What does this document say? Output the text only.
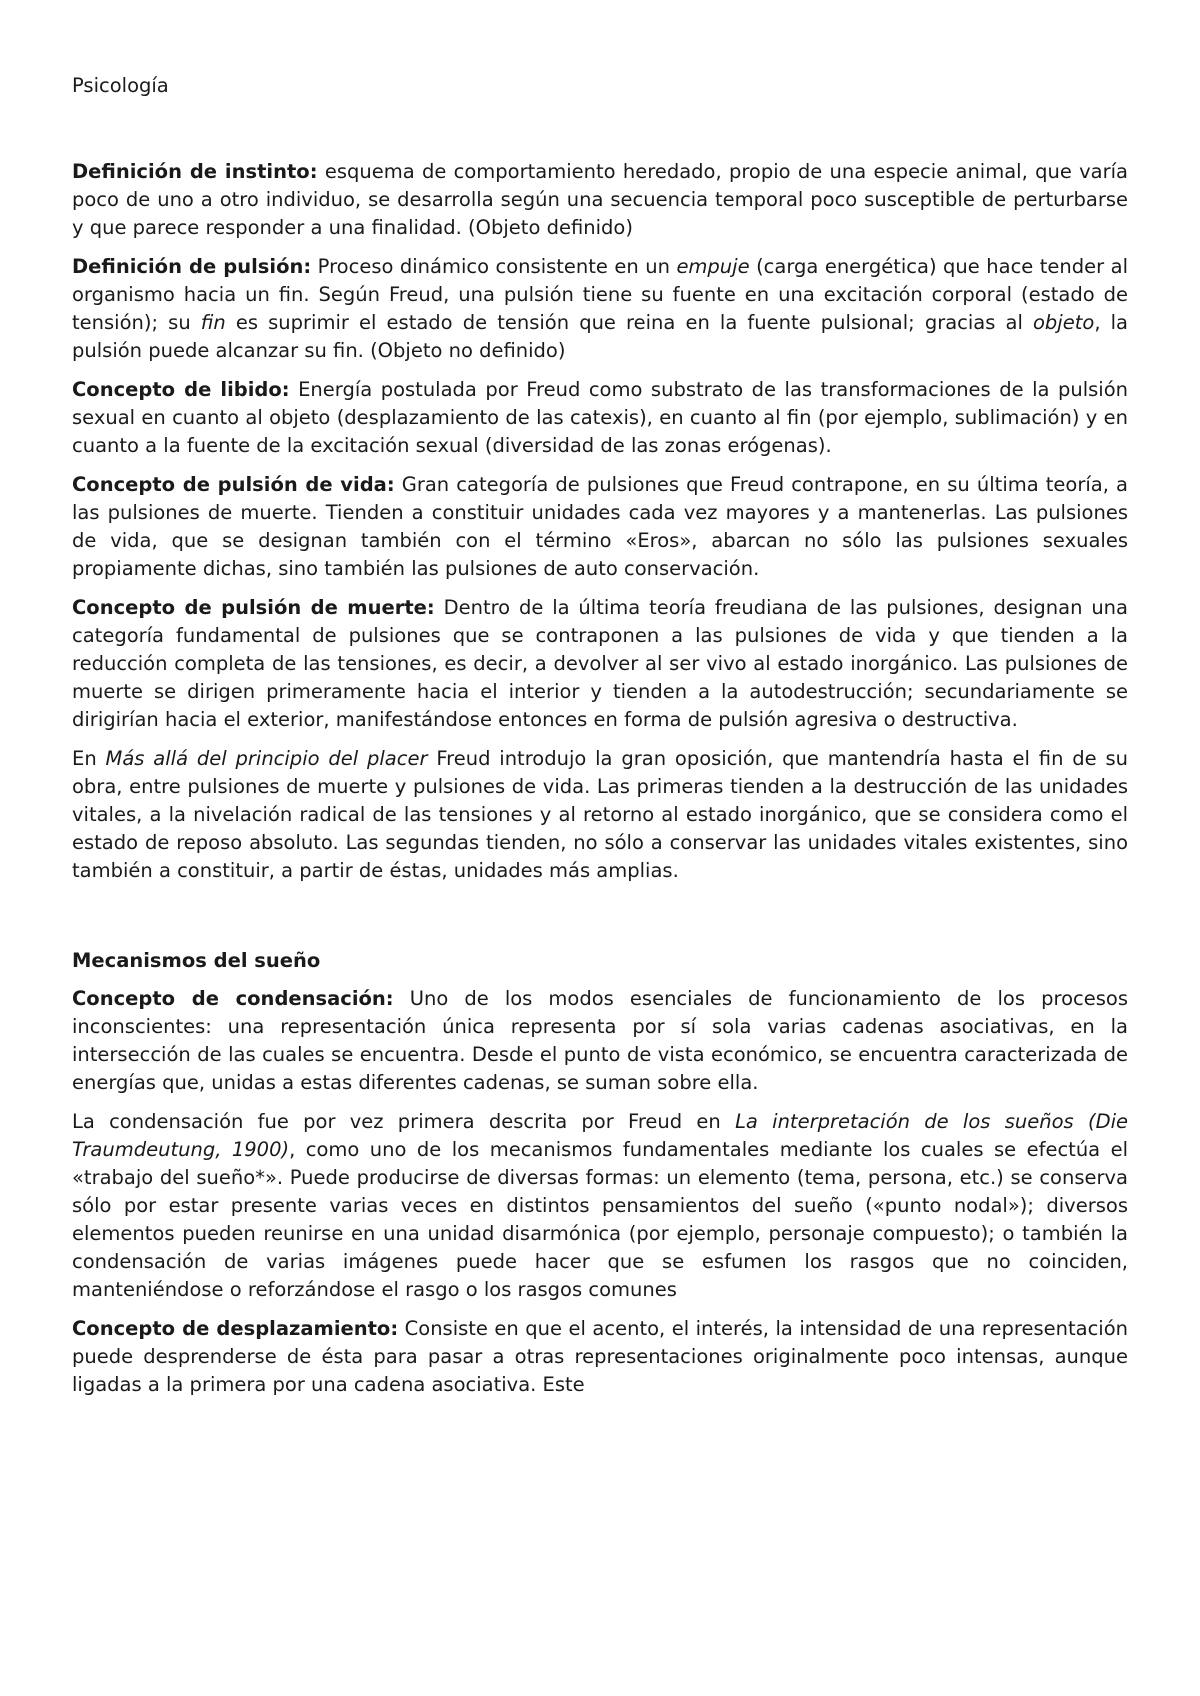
Psicología

Definición de instinto: esquema de comportamiento heredado, propio de una especie animal, que varía poco de uno a otro individuo, se desarrolla según una secuencia temporal poco susceptible de perturbarse y que parece responder a una finalidad. (Objeto definido)

Definición de pulsión: Proceso dinámico consistente en un empuje (carga energética) que hace tender al organismo hacia un fin. Según Freud, una pulsión tiene su fuente en una excitación corporal (estado de tensión); su fin es suprimir el estado de tensión que reina en la fuente pulsional; gracias al objeto, la pulsión puede alcanzar su fin. (Objeto no definido)

Concepto de libido: Energía postulada por Freud como substrato de las transformaciones de la pulsión sexual en cuanto al objeto (desplazamiento de las catexis), en cuanto al fin (por ejemplo, sublimación) y en cuanto a la fuente de la excitación sexual (diversidad de las zonas erógenas).

Concepto de pulsión de vida: Gran categoría de pulsiones que Freud contrapone, en su última teoría, a las pulsiones de muerte. Tienden a constituir unidades cada vez mayores y a mantenerlas. Las pulsiones de vida, que se designan también con el término «Eros», abarcan no sólo las pulsiones sexuales propiamente dichas, sino también las pulsiones de auto conservación.

Concepto de pulsión de muerte: Dentro de la última teoría freudiana de las pulsiones, designan una categoría fundamental de pulsiones que se contraponen a las pulsiones de vida y que tienden a la reducción completa de las tensiones, es decir, a devolver al ser vivo al estado inorgánico. Las pulsiones de muerte se dirigen primeramente hacia el interior y tienden a la autodestrucción; secundariamente se dirigirían hacia el exterior, manifestándose entonces en forma de pulsión agresiva o destructiva.

En Más allá del principio del placer Freud introdujo la gran oposición, que mantendría hasta el fin de su obra, entre pulsiones de muerte y pulsiones de vida. Las primeras tienden a la destrucción de las unidades vitales, a la nivelación radical de las tensiones y al retorno al estado inorgánico, que se considera como el estado de reposo absoluto. Las segundas tienden, no sólo a conservar las unidades vitales existentes, sino también a constituir, a partir de éstas, unidades más amplias.

Mecanismos del sueño

Concepto de condensación: Uno de los modos esenciales de funcionamiento de los procesos inconscientes: una representación única representa por sí sola varias cadenas asociativas, en la intersección de las cuales se encuentra. Desde el punto de vista económico, se encuentra caracterizada de energías que, unidas a estas diferentes cadenas, se suman sobre ella.

La condensación fue por vez primera descrita por Freud en La interpretación de los sueños (Die Traumdeutung, 1900), como uno de los mecanismos fundamentales mediante los cuales se efectúa el «trabajo del sueño*». Puede producirse de diversas formas: un elemento (tema, persona, etc.) se conserva sólo por estar presente varias veces en distintos pensamientos del sueño («punto nodal»); diversos elementos pueden reunirse en una unidad disarmónica (por ejemplo, personaje compuesto); o también la condensación de varias imágenes puede hacer que se esfumen los rasgos que no coinciden, manteniéndose o reforzándose el rasgo o los rasgos comunes

Concepto de desplazamiento: Consiste en que el acento, el interés, la intensidad de una representación puede desprenderse de ésta para pasar a otras representaciones originalmente poco intensas, aunque ligadas a la primera por una cadena asociativa. Este
